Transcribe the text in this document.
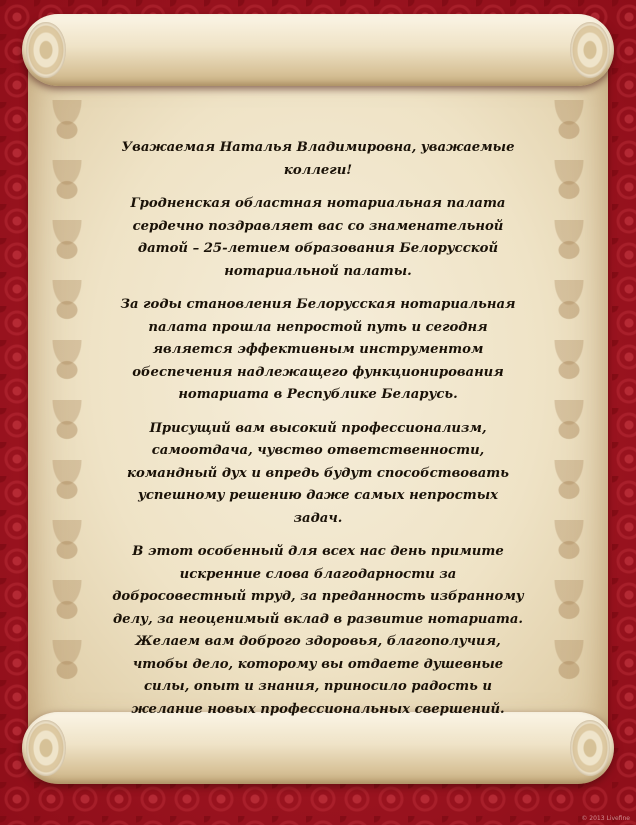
Уважаемая Наталья Владимировна, уважаемые коллеги!

Гродненская областная нотариальная палата сердечно поздравляет вас со знаменательной датой – 25-летием образования Белорусской нотариальной палаты.

За годы становления Белорусская нотариальная палата прошла непростой путь и сегодня является эффективным инструментом обеспечения надлежащего функционирования нотариата в Республике Беларусь.

Присущий вам высокий профессионализм, самоотдача, чувство ответственности, командный дух и впредь будут способствовать успешному решению даже самых непростых задач.

В этот особенный для всех нас день примите искренние слова благодарности за добросовестный труд, за преданность избранному делу, за неоценимый вклад в развитие нотариата. Желаем вам доброго здоровья, благополучия, чтобы дело, которому вы отдаете душевные силы, опыт и знания, приносило радость и желание новых профессиональных свершений.

© 2013 Livefine
